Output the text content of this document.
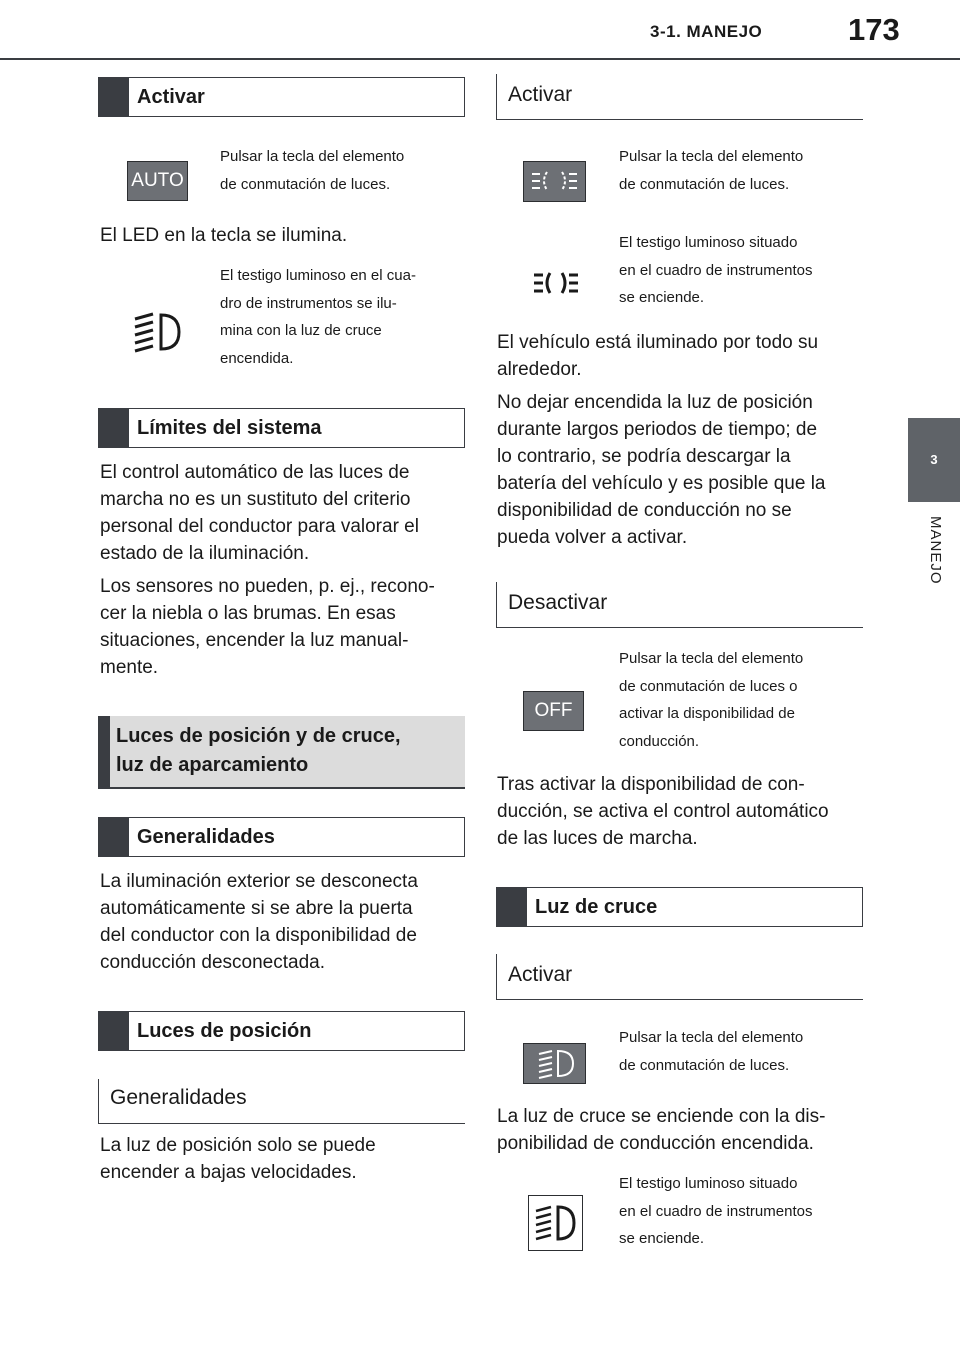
3-1. MANEJO	173
3
MANEJO
Activar
AUTO

Pulsar la tecla del elemento
de conmutación de luces.

El LED en la tecla se ilumina.

El testigo luminoso en el cua-
dro de instrumentos se ilu-
mina con la luz de cruce
encendida.

Límites del sistema

El control automático de las luces de
marcha no es un sustituto del criterio
personal del conductor para valorar el
estado de la iluminación.

Los sensores no pueden, p. ej., recono-
cer la niebla o las brumas. En esas
situaciones, encender la luz manual-
mente.

Luces de posición y de cruce,
luz de aparcamiento
Generalidades

La iluminación exterior se desconecta
automáticamente si se abre la puerta
del conductor con la disponibilidad de
conducción desconectada.

Luces de posición
Generalidades

La luz de posición solo se puede
encender a bajas velocidades.

Activar

Pulsar la tecla del elemento
de conmutación de luces.

El testigo luminoso situado
en el cuadro de instrumentos
se enciende.

El vehículo está iluminado por todo su
alrededor.

No dejar encendida la luz de posición
durante largos periodos de tiempo; de
lo contrario, se podría descargar la
batería del vehículo y es posible que la
disponibilidad de conducción no se
pueda volver a activar.

Desactivar
OFF

Pulsar la tecla del elemento
de conmutación de luces o
activar la disponibilidad de
conducción.

Tras activar la disponibilidad de con-
ducción, se activa el control automático
de las luces de marcha.

Luz de cruce
Activar

Pulsar la tecla del elemento
de conmutación de luces.

La luz de cruce se enciende con la dis-
ponibilidad de conducción encendida.

El testigo luminoso situado
en el cuadro de instrumentos
se enciende.
